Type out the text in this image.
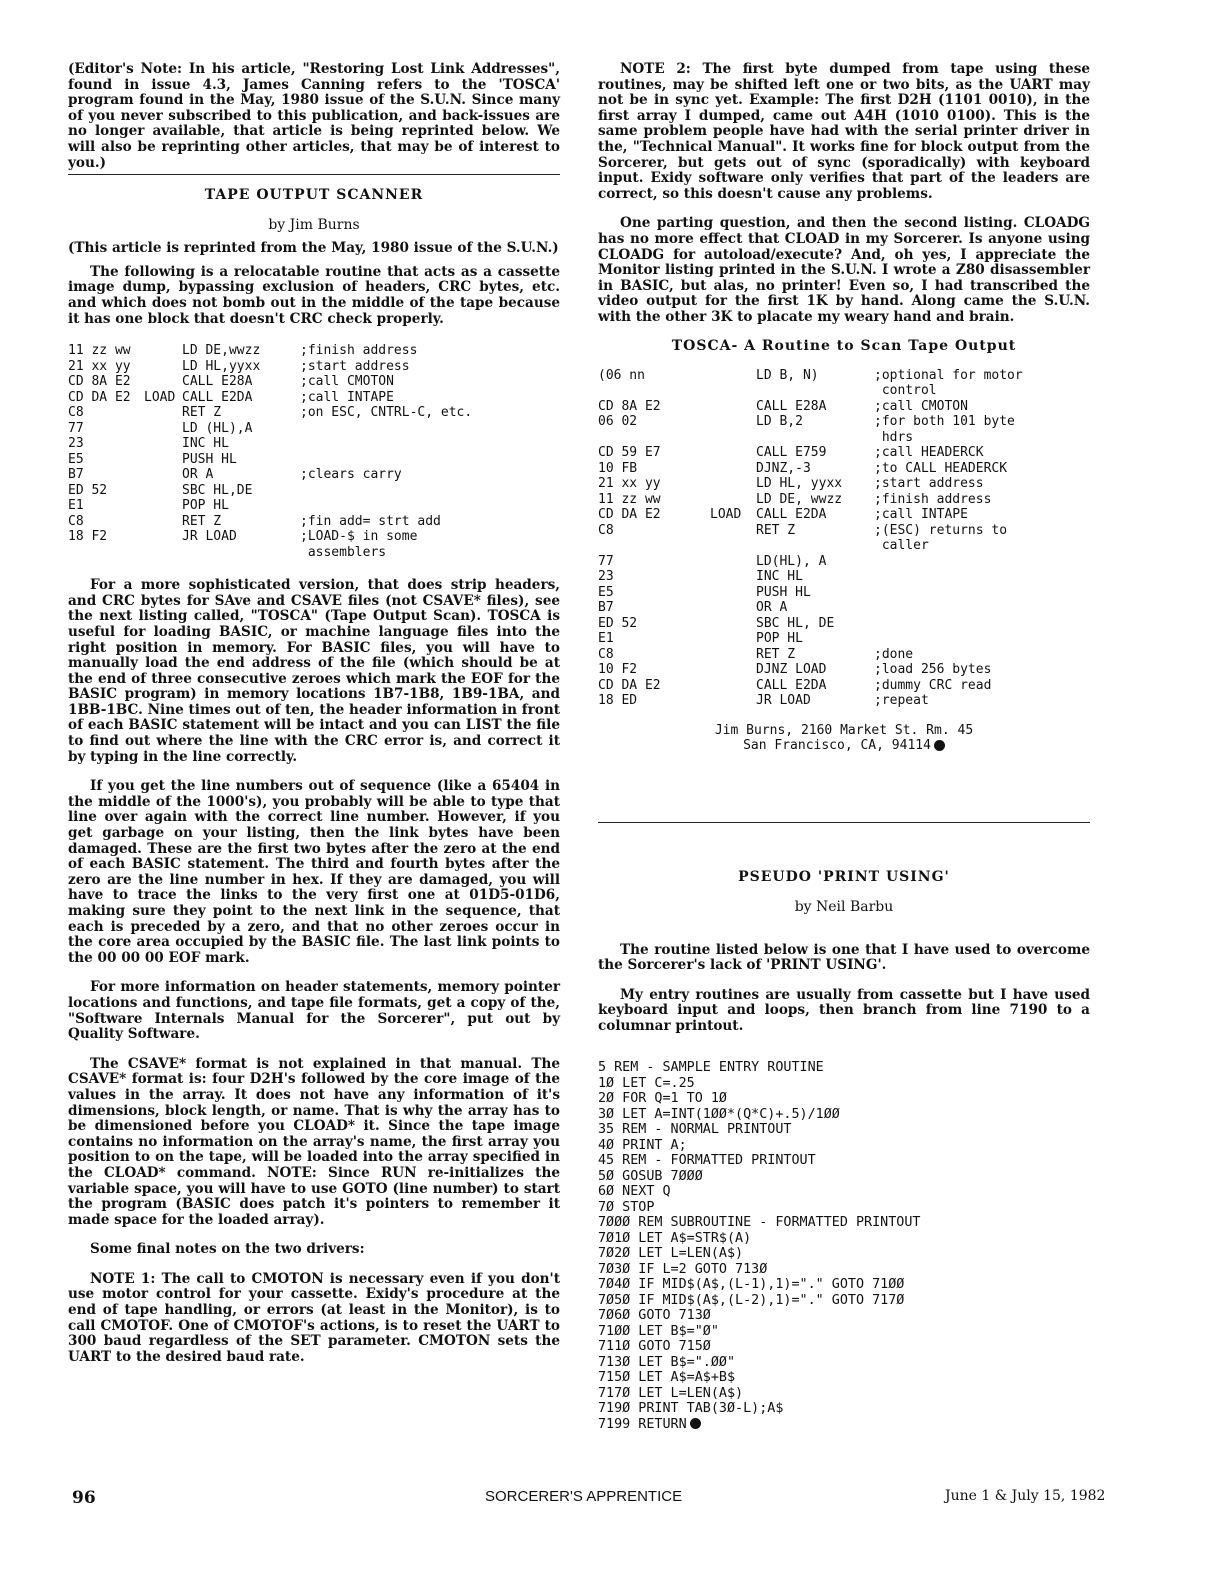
(Editor's Note: In his article, "Restoring Lost Link Addresses", found in issue 4.3, James Canning refers to the 'TOSCA' program found in the May, 1980 issue of the S.U.N. Since many of you never subscribed to this publication, and back-issues are no longer available, that article is being reprinted below. We will also be reprinting other articles, that may be of interest to you.)

TAPE OUTPUT SCANNER
by Jim Burns

(This article is reprinted from the May, 1980 issue of the S.U.N.)

The following is a relocatable routine that acts as a cassette image dump, bypassing exclusion of headers, CRC bytes, etc. and which does not bomb out in the middle of the tape because it has one block that doesn't CRC check properly.

11 zz ww	LD DE,wwzz	;finish address
21 xx yy	LD HL,yyxx	;start address
CD 8A E2	CALL E28A	;call CMOTON
CD DA E2	LOAD CALL E2DA	;call INTAPE
C8	RET Z	;on ESC, CNTRL-C, etc.
77	LD (HL),A
23	INC HL
E5	PUSH HL
B7	OR A	;clears carry
ED 52	SBC HL,DE
E1	POP HL
C8	RET Z	;fin add= strt add
18 F2	JR LOAD	;LOAD-$ in some
assemblers

For a more sophisticated version, that does strip headers, and CRC bytes for SAve and CSAVE files (not CSAVE* files), see the next listing called, "TOSCA" (Tape Output Scan). TOSCA is useful for loading BASIC, or machine language files into the right position in memory. For BASIC files, you will have to manually load the end address of the file (which should be at the end of three consecutive zeroes which mark the EOF for the BASIC program) in memory locations 1B7-1B8, 1B9-1BA, and 1BB-1BC. Nine times out of ten, the header information in front of each BASIC statement will be intact and you can LIST the file to find out where the line with the CRC error is, and correct it by typing in the line correctly.

If you get the line numbers out of sequence (like a 65404 in the middle of the 1000's), you probably will be able to type that line over again with the correct line number. However, if you get garbage on your listing, then the link bytes have been damaged. These are the first two bytes after the zero at the end of each BASIC statement. The third and fourth bytes after the zero are the line number in hex. If they are damaged, you will have to trace the links to the very first one at 01D5-01D6, making sure they point to the next link in the sequence, that each is preceded by a zero, and that no other zeroes occur in the core area occupied by the BASIC file. The last link points to the 00 00 00 EOF mark.

For more information on header statements, memory pointer locations and functions, and tape file formats, get a copy of the, "Software Internals Manual for the Sorcerer", put out by Quality Software.

The CSAVE* format is not explained in that manual. The CSAVE* format is: four D2H's followed by the core image of the values in the array. It does not have any information of it's dimensions, block length, or name. That is why the array has to be dimensioned before you CLOAD* it. Since the tape image contains no information on the array's name, the first array you position to on the tape, will be loaded into the array specified in the CLOAD* command. NOTE: Since RUN re-initializes the variable space, you will have to use GOTO (line number) to start the program (BASIC does patch it's pointers to remember it made space for the loaded array).

Some final notes on the two drivers:

NOTE 1: The call to CMOTON is necessary even if you don't use motor control for your cassette. Exidy's procedure at the end of tape handling, or errors (at least in the Monitor), is to call CMOTOF. One of CMOTOF's actions, is to reset the UART to 300 baud regardless of the SET parameter. CMOTON sets the UART to the desired baud rate.

NOTE 2: The first byte dumped from tape using these routines, may be shifted left one or two bits, as the UART may not be in sync yet. Example: The first D2H (1101 0010), in the first array I dumped, came out A4H (1010 0100). This is the same problem people have had with the serial printer driver in the, "Technical Manual". It works fine for block output from the Sorcerer, but gets out of sync (sporadically) with keyboard input. Exidy software only verifies that part of the leaders are correct, so this doesn't cause any problems.

One parting question, and then the second listing. CLOADG has no more effect that CLOAD in my Sorcerer. Is anyone using CLOADG for autoload/execute? And, oh yes, I appreciate the Monitor listing printed in the S.U.N. I wrote a Z80 disassembler in BASIC, but alas, no printer! Even so, I had transcribed the video output for the first 1K by hand. Along came the S.U.N. with the other 3K to placate my weary hand and brain.

TOSCA- A Routine to Scan Tape Output
(06 nn	LD B, N)	;optional for motor
control
CD 8A E2	CALL E28A	;call CMOTON
06 02	LD B,2	;for both 101 byte
hdrs
CD 59 E7	CALL E759	;call HEADERCK
10 FB	DJNZ,-3	;to CALL HEADERCK
21 xx yy	LD HL, yyxx	;start address
11 zz ww	LD DE, wwzz	;finish address
CD DA E2	LOAD	CALL E2DA	;call INTAPE
C8	RET Z	;(ESC) returns to
caller
77	LD(HL), A
23	INC HL
E5	PUSH HL
B7	OR A
ED 52	SBC HL, DE
E1	POP HL
C8	RET Z	;done
10 F2	DJNZ LOAD	;load 256 bytes
CD DA E2	CALL E2DA	;dummy CRC read
18 ED	JR LOAD	;repeat
Jim Burns, 2160 Market St. Rm. 45
San Francisco, CA, 94114
PSEUDO 'PRINT USING'
by Neil Barbu

The routine listed below is one that I have used to overcome the Sorcerer's lack of 'PRINT USING'.

My entry routines are usually from cassette but I have used keyboard input and loops, then branch from line 7190 to a columnar printout.

5 REM - SAMPLE ENTRY ROUTINE
1Ø LET C=.25
2Ø FOR Q=1 TO 1Ø
3Ø LET A=INT(1ØØ*(Q*C)+.5)/1ØØ
35 REM - NORMAL PRINTOUT
4Ø PRINT A;
45 REM - FORMATTED PRINTOUT
5Ø GOSUB 7ØØØ
6Ø NEXT Q
7Ø STOP
7ØØØ REM SUBROUTINE - FORMATTED PRINTOUT
7Ø1Ø LET A$=STR$(A)
7Ø2Ø LET L=LEN(A$)
7Ø3Ø IF L=2 GOTO 713Ø
7Ø4Ø IF MID$(A$,(L-1),1)="." GOTO 71ØØ
7Ø5Ø IF MID$(A$,(L-2),1)="." GOTO 717Ø
7Ø6Ø GOTO 713Ø
71ØØ LET B$="Ø"
711Ø GOTO 715Ø
713Ø LET B$=".ØØ"
715Ø LET A$=A$+B$
717Ø LET L=LEN(A$)
719Ø PRINT TAB(3Ø-L);A$
7199 RETURN
96	SORCERER'S APPRENTICE	June 1 & July 15, 1982
